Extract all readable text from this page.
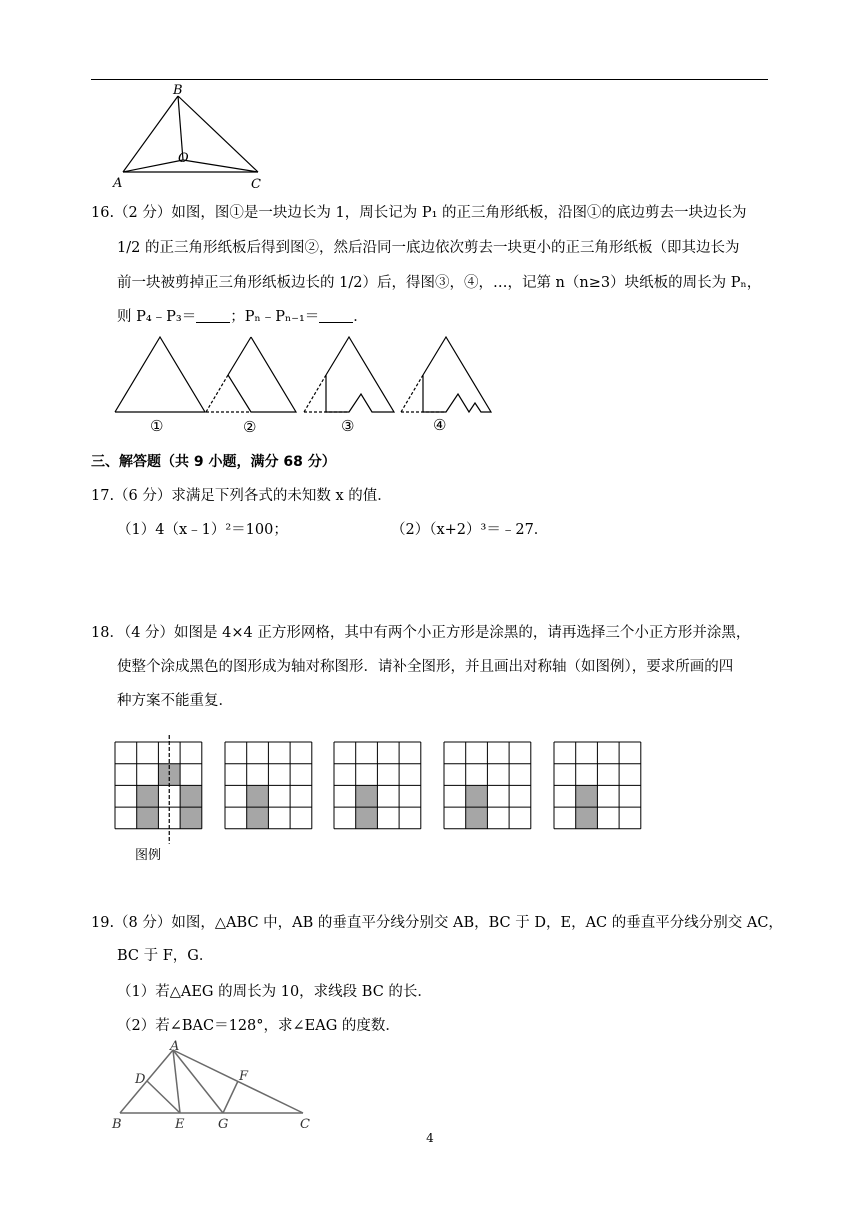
B
O
A	C
16.（2 分）如图，图①是一块边长为 1，周长记为 P₁ 的正三角形纸板，沿图①的底边剪去一块边长为
1/2 的正三角形纸板后得到图②，然后沿同一底边依次剪去一块更小的正三角形纸板（即其边长为
前一块被剪掉正三角形纸板边长的 1/2）后，得图③，④，…，记第 n（n≥3）块纸板的周长为 Pₙ，
则 P₄﹣P₃＝ ；Pₙ﹣Pₙ₋₁＝ ．
①	②	③	④
三、解答题（共 9 小题，满分 68 分）
17.（6 分）求满足下列各式的未知数 x 的值．
（1）4（x﹣1）²＝100；	（2）（x+2）³＝﹣27．
18．（4 分）如图是 4×4 正方形网格，其中有两个小正方形是涂黑的，请再选择三个小正方形并涂黑，
使整个涂成黑色的图形成为轴对称图形．请补全图形，并且画出对称轴（如图例），要求所画的四
种方案不能重复．
图例
19.（8 分）如图，△ABC 中，AB 的垂直平分线分别交 AB，BC 于 D，E，AC 的垂直平分线分别交 AC，
BC 于 F，G．
（1）若△AEG 的周长为 10，求线段 BC 的长．
（2）若∠BAC＝128°，求∠EAG 的度数．
A
D	F
B	E	G	C
4
